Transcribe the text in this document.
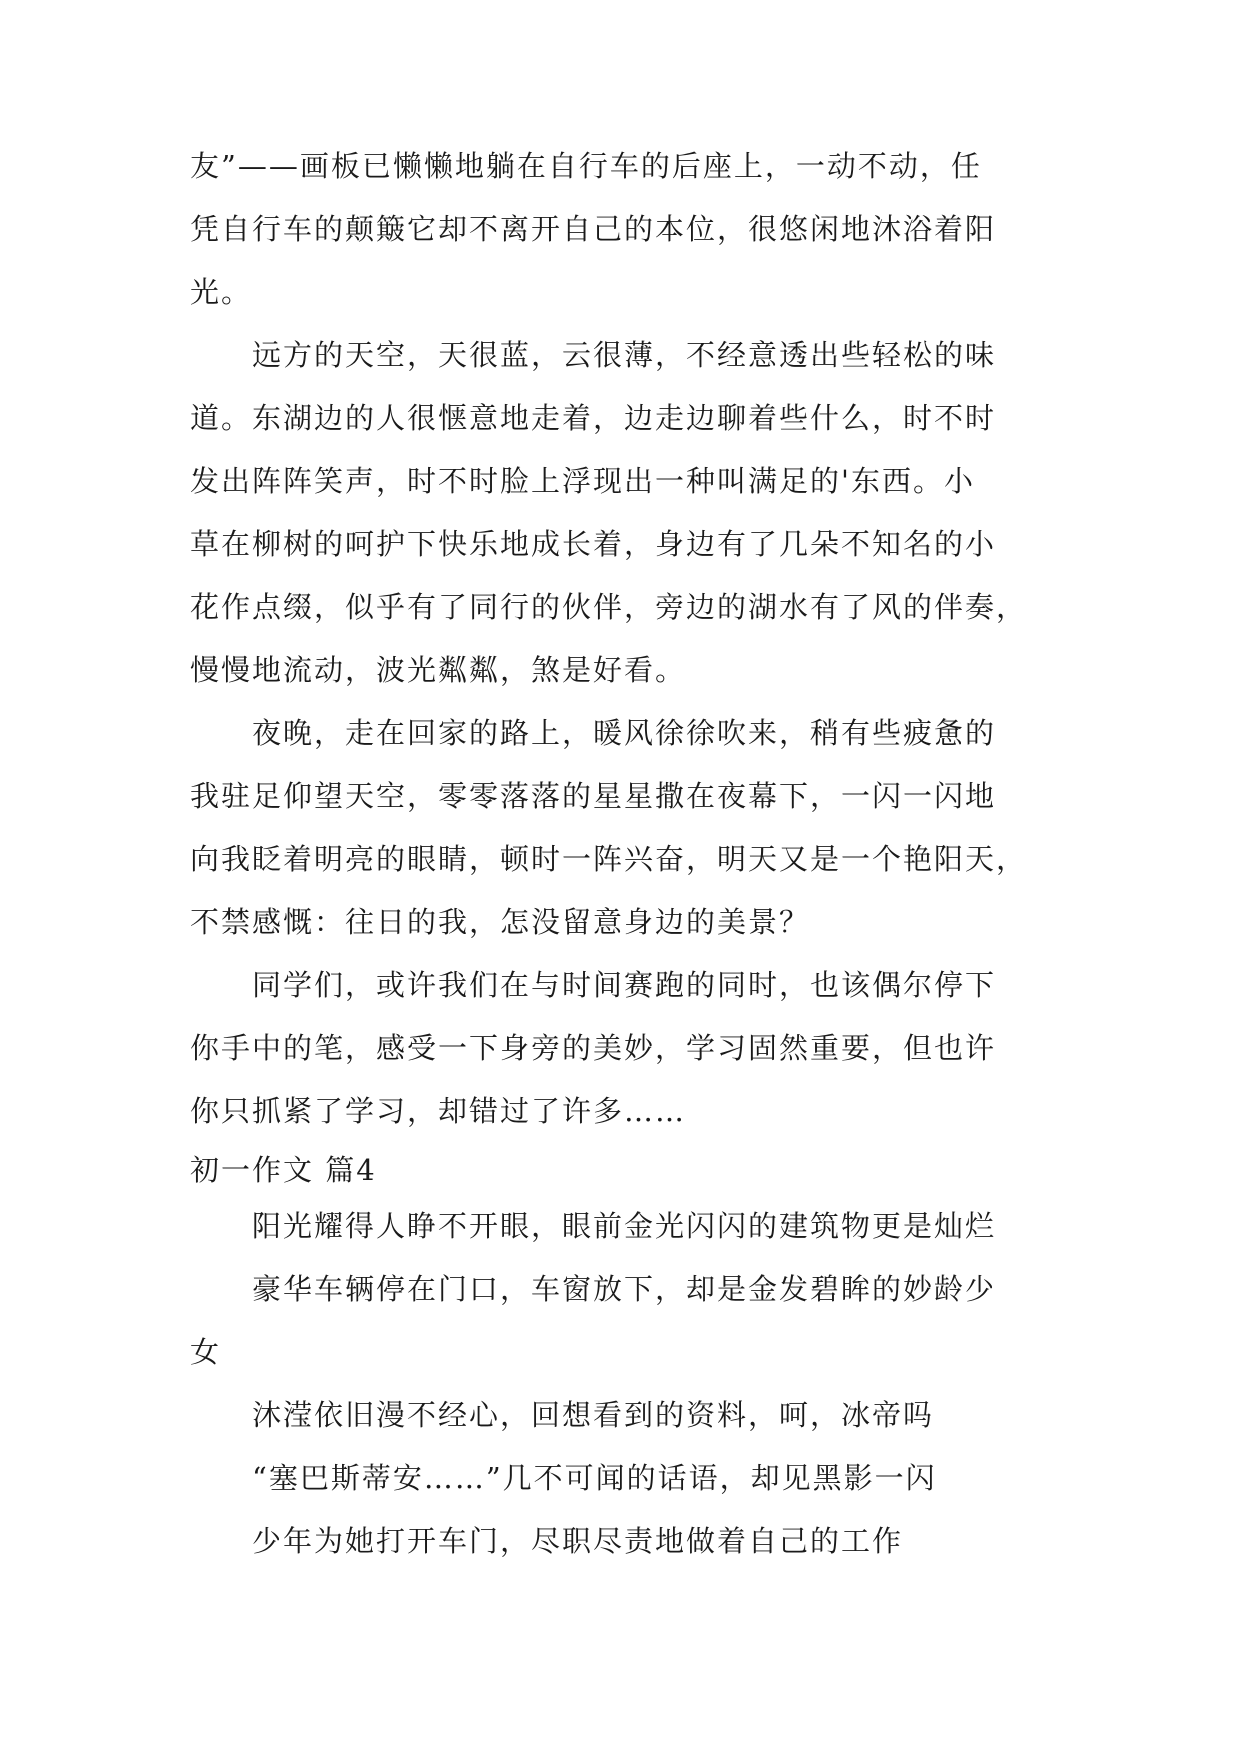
友”——画板已懒懒地躺在自行车的后座上，一动不动，任
凭自行车的颠簸它却不离开自己的本位，很悠闲地沐浴着阳
光。
　　远方的天空，天很蓝，云很薄，不经意透出些轻松的味
道。东湖边的人很惬意地走着，边走边聊着些什么，时不时
发出阵阵笑声，时不时脸上浮现出一种叫满足的'东西。小
草在柳树的呵护下快乐地成长着，身边有了几朵不知名的小
花作点缀，似乎有了同行的伙伴，旁边的湖水有了风的伴奏，
慢慢地流动，波光粼粼，煞是好看。
　　夜晚，走在回家的路上，暖风徐徐吹来，稍有些疲惫的
我驻足仰望天空，零零落落的星星撒在夜幕下，一闪一闪地
向我眨着明亮的眼睛，顿时一阵兴奋，明天又是一个艳阳天，
不禁感慨：往日的我，怎没留意身边的美景？
　　同学们，或许我们在与时间赛跑的同时，也该偶尔停下
你手中的笔，感受一下身旁的美妙，学习固然重要，但也许
你只抓紧了学习，却错过了许多……
初一作文 篇4
　　阳光耀得人睁不开眼，眼前金光闪闪的建筑物更是灿烂
　　豪华车辆停在门口，车窗放下，却是金发碧眸的妙龄少
女
　　沐滢依旧漫不经心，回想看到的资料，呵，冰帝吗
　　“塞巴斯蒂安……”几不可闻的话语，却见黑影一闪
　　少年为她打开车门，尽职尽责地做着自己的工作
